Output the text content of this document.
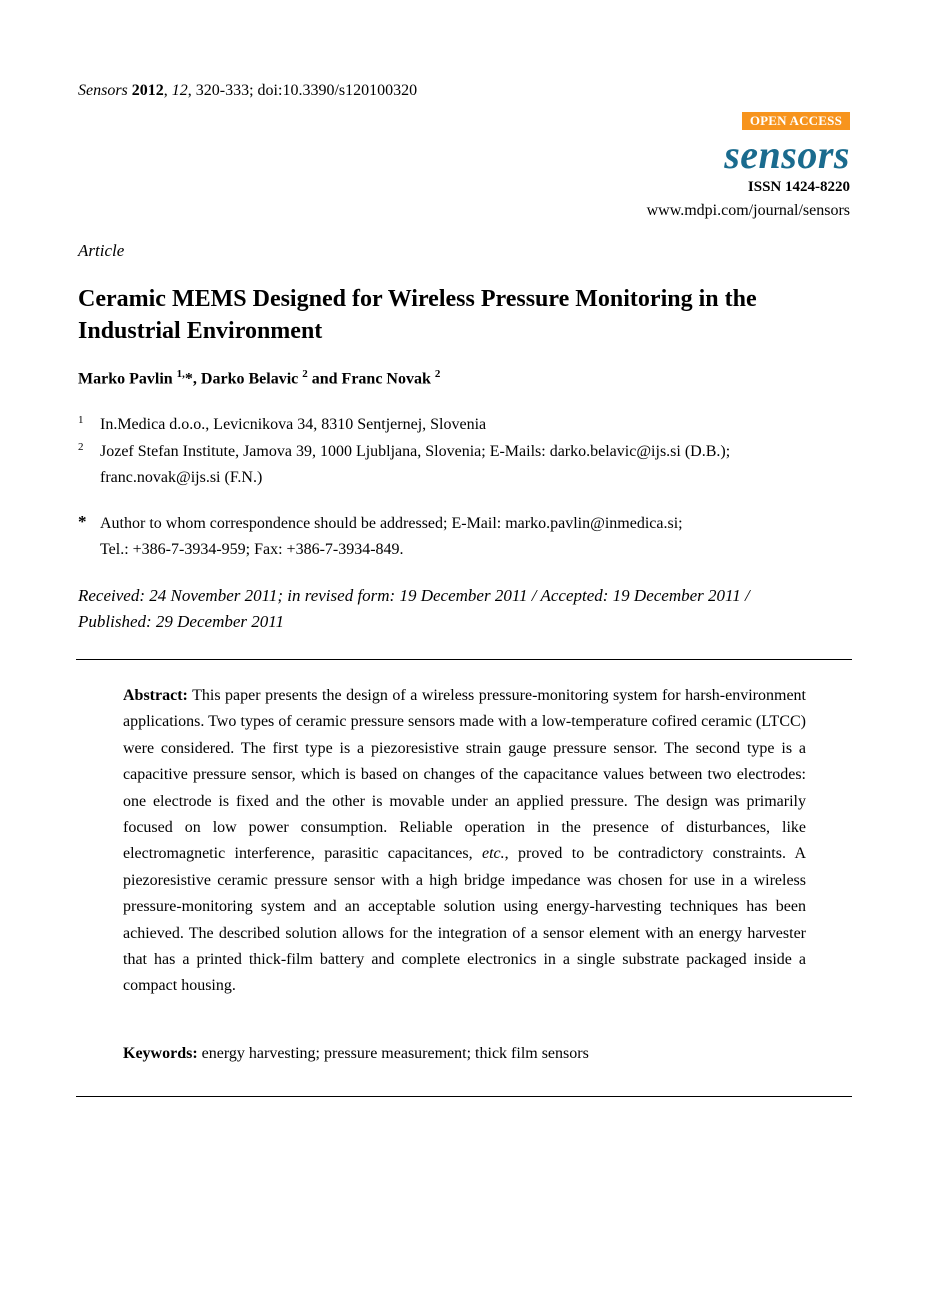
Sensors 2012, 12, 320-333; doi:10.3390/s120100320
OPEN ACCESS
sensors
ISSN 1424-8220
www.mdpi.com/journal/sensors
Article
Ceramic MEMS Designed for Wireless Pressure Monitoring in the Industrial Environment
Marko Pavlin $^{1,}$*, Darko Belavic $^2$ and Franc Novak $^2$
1 In.Medica d.o.o., Levicnikova 34, 8310 Sentjernej, Slovenia
2 Jozef Stefan Institute, Jamova 39, 1000 Ljubljana, Slovenia; E-Mails: darko.belavic@ijs.si (D.B.);
franc.novak@ijs.si (F.N.)
* Author to whom correspondence should be addressed; E-Mail: marko.pavlin@inmedica.si;
Tel.: +386-7-3934-959; Fax: +386-7-3934-849.
Received: 24 November 2011; in revised form: 19 December 2011 / Accepted: 19 December 2011 /
Published: 29 December 2011
Abstract: This paper presents the design of a wireless pressure-monitoring system for harsh-environment applications. Two types of ceramic pressure sensors made with a low-temperature cofired ceramic (LTCC) were considered. The first type is a piezoresistive strain gauge pressure sensor. The second type is a capacitive pressure sensor, which is based on changes of the capacitance values between two electrodes: one electrode is fixed and the other is movable under an applied pressure. The design was primarily focused on low power consumption. Reliable operation in the presence of disturbances, like electromagnetic interference, parasitic capacitances, etc., proved to be contradictory constraints. A piezoresistive ceramic pressure sensor with a high bridge impedance was chosen for use in a wireless pressure-monitoring system and an acceptable solution using energy-harvesting techniques has been achieved. The described solution allows for the integration of a sensor element with an energy harvester that has a printed thick-film battery and complete electronics in a single substrate packaged inside a compact housing.
Keywords: energy harvesting; pressure measurement; thick film sensors
